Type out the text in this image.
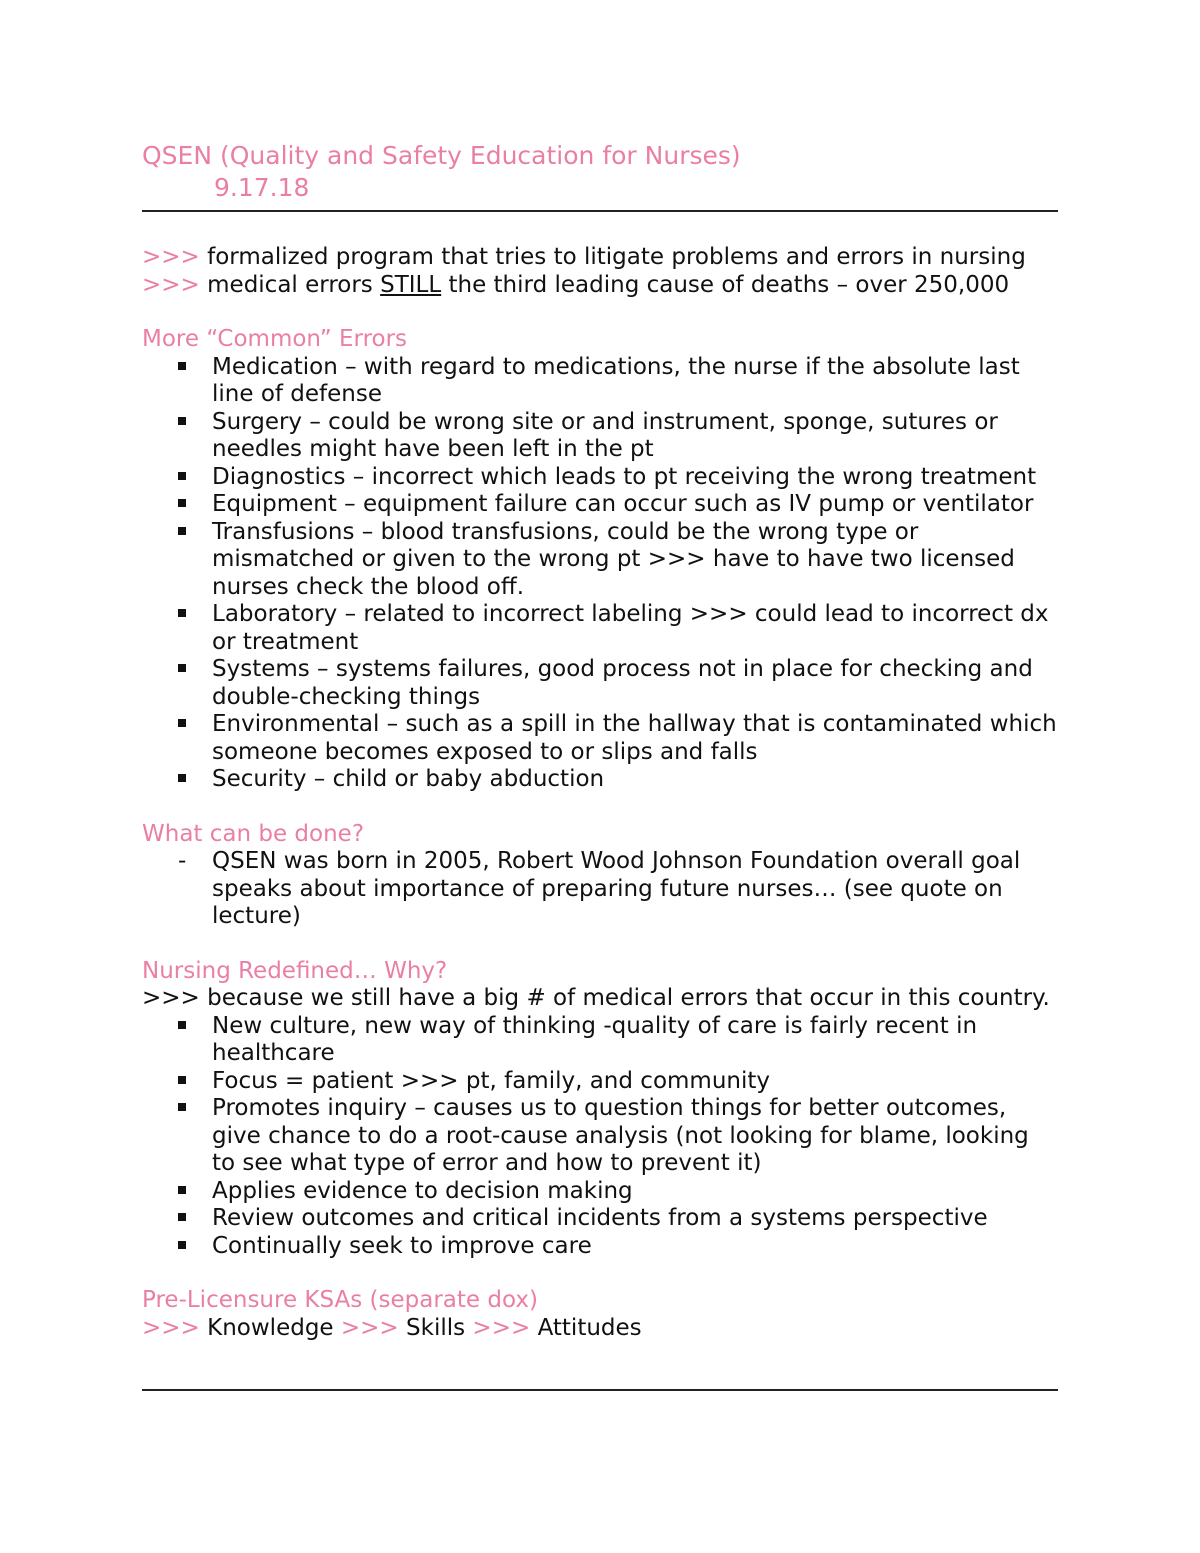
QSEN (Quality and Safety Education for Nurses)
9.17.18
>>> formalized program that tries to litigate problems and errors in nursing
>>> medical errors STILL the third leading cause of deaths – over 250,000
More “Common” Errors
Medication – with regard to medications, the nurse if the absolute last line of defense
Surgery – could be wrong site or and instrument, sponge, sutures or needles might have been left in the pt
Diagnostics – incorrect which leads to pt receiving the wrong treatment
Equipment – equipment failure can occur such as IV pump or ventilator
Transfusions – blood transfusions, could be the wrong type or mismatched or given to the wrong pt >>> have to have two licensed nurses check the blood off.
Laboratory – related to incorrect labeling >>> could lead to incorrect dx or treatment
Systems – systems failures, good process not in place for checking and double-checking things
Environmental – such as a spill in the hallway that is contaminated which someone becomes exposed to or slips and falls
Security – child or baby abduction
What can be done?
-	QSEN was born in 2005, Robert Wood Johnson Foundation overall goal speaks about importance of preparing future nurses… (see quote on lecture)
Nursing Redefined… Why?
>>> because we still have a big # of medical errors that occur in this country.
New culture, new way of thinking -quality of care is fairly recent in healthcare
Focus = patient >>> pt, family, and community
Promotes inquiry – causes us to question things for better outcomes, give chance to do a root-cause analysis (not looking for blame, looking to see what type of error and how to prevent it)
Applies evidence to decision making
Review outcomes and critical incidents from a systems perspective
Continually seek to improve care
Pre-Licensure KSAs (separate dox)
>>> Knowledge >>> Skills >>> Attitudes
